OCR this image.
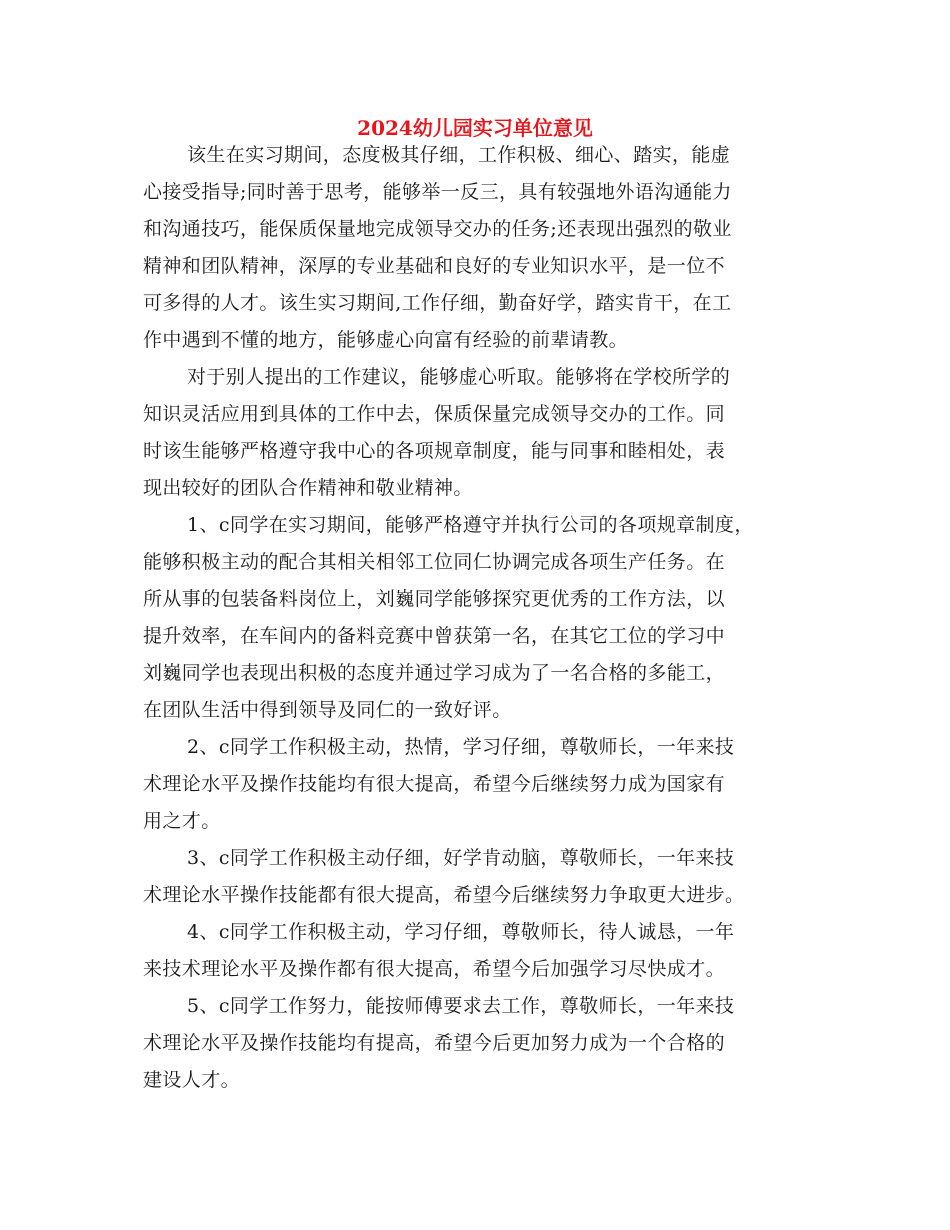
2024幼儿园实习单位意见
该生在实习期间，态度极其仔细，工作积极、细心、踏实，能虚
心接受指导;同时善于思考，能够举一反三，具有较强地外语沟通能力
和沟通技巧，能保质保量地完成领导交办的任务;还表现出强烈的敬业
精神和团队精神，深厚的专业基础和良好的专业知识水平，是一位不
可多得的人才。该生实习期间,工作仔细，勤奋好学，踏实肯干，在工
作中遇到不懂的地方，能够虚心向富有经验的前辈请教。
对于别人提出的工作建议，能够虚心听取。能够将在学校所学的
知识灵活应用到具体的工作中去，保质保量完成领导交办的工作。同
时该生能够严格遵守我中心的各项规章制度，能与同事和睦相处，表
现出较好的团队合作精神和敬业精神。
1、c同学在实习期间，能够严格遵守并执行公司的各项规章制度，
能够积极主动的配合其相关相邻工位同仁协调完成各项生产任务。在
所从事的包装备料岗位上，刘巍同学能够探究更优秀的工作方法，以
提升效率，在车间内的备料竞赛中曾获第一名，在其它工位的学习中
刘巍同学也表现出积极的态度并通过学习成为了一名合格的多能工，
在团队生活中得到领导及同仁的一致好评。
2、c同学工作积极主动，热情，学习仔细，尊敬师长，一年来技
术理论水平及操作技能均有很大提高，希望今后继续努力成为国家有
用之才。
3、c同学工作积极主动仔细，好学肯动脑，尊敬师长，一年来技
术理论水平操作技能都有很大提高，希望今后继续努力争取更大进步。
4、c同学工作积极主动，学习仔细，尊敬师长，待人诚恳，一年
来技术理论水平及操作都有很大提高，希望今后加强学习尽快成才。
5、c同学工作努力，能按师傅要求去工作，尊敬师长，一年来技
术理论水平及操作技能均有提高，希望今后更加努力成为一个合格的
建设人才。
